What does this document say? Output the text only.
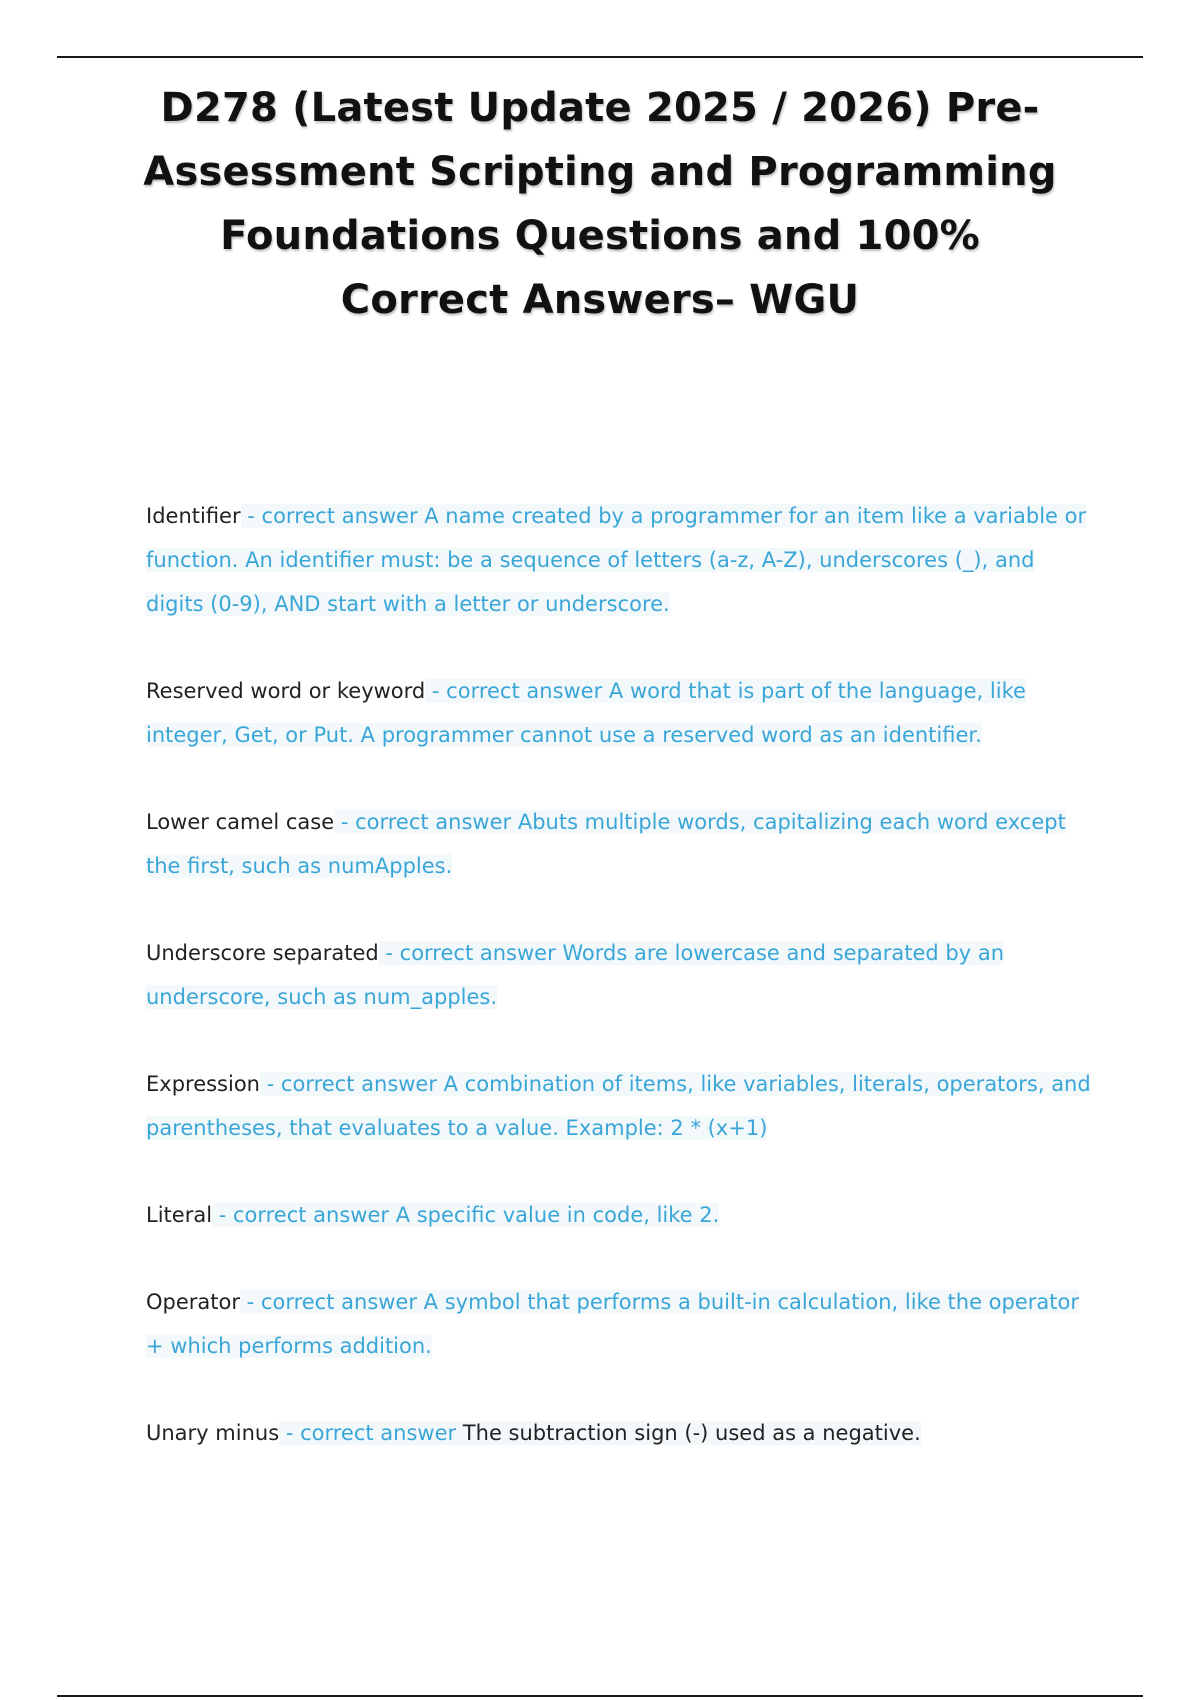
D278 (Latest Update 2025 / 2026) Pre-Assessment Scripting and Programming Foundations Questions and 100% Correct Answers– WGU

Identifier - correct answer A name created by a programmer for an item like a variable or function. An identifier must: be a sequence of letters (a-z, A-Z), underscores (_), and digits (0-9), AND start with a letter or underscore.

Reserved word or keyword - correct answer A word that is part of the language, like integer, Get, or Put. A programmer cannot use a reserved word as an identifier.

Lower camel case - correct answer Abuts multiple words, capitalizing each word except the first, such as numApples.

Underscore separated - correct answer Words are lowercase and separated by an underscore, such as num_apples.

Expression - correct answer A combination of items, like variables, literals, operators, and parentheses, that evaluates to a value. Example: 2 * (x+1)

Literal - correct answer A specific value in code, like 2.

Operator - correct answer A symbol that performs a built-in calculation, like the operator + which performs addition.

Unary minus - correct answer The subtraction sign (-) used as a negative.
